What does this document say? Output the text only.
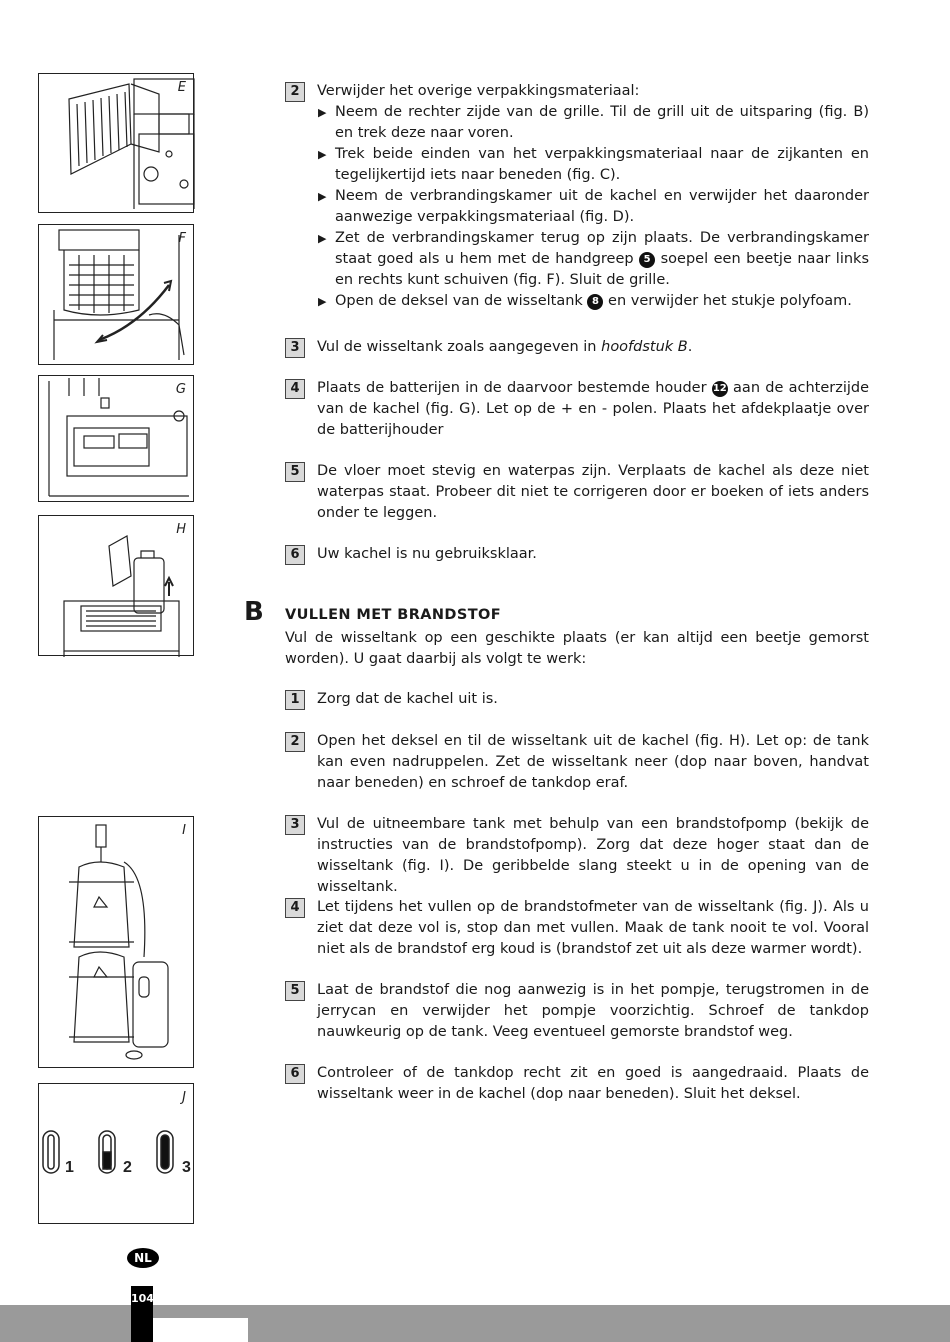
E
F
G
H
I
1	2	3
J
2	Verwijder het overige verpakkingsmateriaal:
▶ Neem de rechter zijde van de grille. Til de grill uit de uitsparing (fig. B) en trek deze naar voren.
▶ Trek beide einden van het verpakkingsmateriaal naar de zijkanten en tegelijkertijd iets naar beneden (fig. C).
▶ Neem de verbrandingskamer uit de kachel en verwijder het daaronder aanwezige verpakkingsmateriaal (fig. D).
▶ Zet de verbrandingskamer terug op zijn plaats. De verbrandingskamer staat goed als u hem met de handgreep 5 soepel een beetje naar links en rechts kunt schuiven (fig. F). Sluit de grille.
▶ Open de deksel van de wisseltank 8 en verwijder het stukje polyfoam.
3	Vul de wisseltank zoals aangegeven in hoofdstuk B.
4	Plaats de batterijen in de daarvoor bestemde houder 12 aan de achterzijde van de kachel (fig. G). Let op de + en - polen. Plaats het afdekplaatje over de batterijhouder
5	De vloer moet stevig en waterpas zijn. Verplaats de kachel als deze niet waterpas staat. Probeer dit niet te corrigeren door er boeken of iets anders onder te leggen.
6	Uw kachel is nu gebruiksklaar.
B VULLEN MET BRANDSTOF
Vul de wisseltank op een geschikte plaats (er kan altijd een beetje gemorst worden). U gaat daarbij als volgt te werk:
1	Zorg dat de kachel uit is.
2	Open het deksel en til de wisseltank uit de kachel (fig. H). Let op: de tank kan even nadruppelen. Zet de wisseltank neer (dop naar boven, handvat naar beneden) en schroef de tankdop eraf.
3	Vul de uitneembare tank met behulp van een brandstofpomp (bekijk de instructies van de brandstofpomp). Zorg dat deze hoger staat dan de wisseltank (fig. I). De geribbelde slang steekt u in de opening van de wisseltank.
4	Let tijdens het vullen op de brandstofmeter van de wisseltank (fig. J). Als u ziet dat deze vol is, stop dan met vullen. Maak de tank nooit te vol. Vooral niet als de brandstof erg koud is (brandstof zet uit als deze warmer wordt).
5	Laat de brandstof die nog aanwezig is in het pompje, terugstromen in de jerrycan en verwijder het pompje voorzichtig. Schroef de tankdop nauwkeurig op de tank. Veeg eventueel gemorste brandstof weg.
6	Controleer of de tankdop recht zit en goed is aangedraaid. Plaats de wisseltank weer in de kachel (dop naar beneden). Sluit het deksel.
NL
104
